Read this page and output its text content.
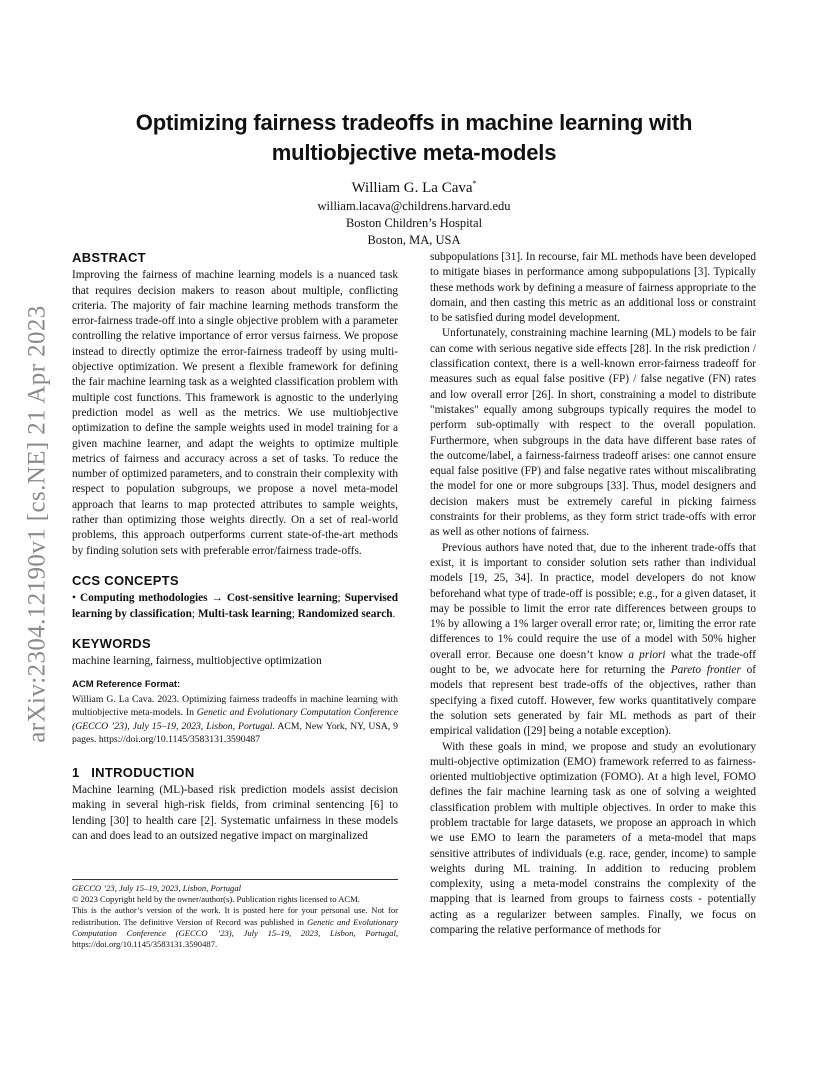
Optimizing fairness tradeoffs in machine learning with
multiobjective meta-models
William G. La Cava*
william.lacava@childrens.harvard.edu
Boston Children’s Hospital
Boston, MA, USA
arXiv:2304.12190v1 [cs.NE] 21 Apr 2023
ABSTRACT

Improving the fairness of machine learning models is a nuanced task that requires decision makers to reason about multiple, conflicting criteria. The majority of fair machine learning methods transform the error-fairness trade-off into a single objective problem with a parameter controlling the relative importance of error versus fairness. We propose instead to directly optimize the error-fairness tradeoff by using multi-objective optimization. We present a flexible framework for defining the fair machine learning task as a weighted classification problem with multiple cost functions. This framework is agnostic to the underlying prediction model as well as the metrics. We use multiobjective optimization to define the sample weights used in model training for a given machine learner, and adapt the weights to optimize multiple metrics of fairness and accuracy across a set of tasks. To reduce the number of optimized parameters, and to constrain their complexity with respect to population subgroups, we propose a novel meta-model approach that learns to map protected attributes to sample weights, rather than optimizing those weights directly. On a set of real-world problems, this approach outperforms current state-of-the-art methods by finding solution sets with preferable error/fairness trade-offs.

CCS CONCEPTS

• Computing methodologies → Cost-sensitive learning; Supervised learning by classification; Multi-task learning; Randomized search.

KEYWORDS

machine learning, fairness, multiobjective optimization

ACM Reference Format:

William G. La Cava. 2023. Optimizing fairness tradeoffs in machine learning with multiobjective meta-models. In Genetic and Evolutionary Computation Conference (GECCO ’23), July 15–19, 2023, Lisbon, Portugal. ACM, New York, NY, USA, 9 pages. https://doi.org/10.1145/3583131.3590487

1   INTRODUCTION

Machine learning (ML)-based risk prediction models assist decision making in several high-risk fields, from criminal sentencing [6] to lending [30] to health care [2]. Systematic unfairness in these models can and does lead to an outsized negative impact on marginalized

GECCO ’23, July 15–19, 2023, Lisbon, Portugal
© 2023 Copyright held by the owner/author(s). Publication rights licensed to ACM.
This is the author’s version of the work. It is posted here for your personal use. Not for redistribution. The definitive Version of Record was published in Genetic and Evolutionary Computation Conference (GECCO ’23), July 15–19, 2023, Lisbon, Portugal, https://doi.org/10.1145/3583131.3590487.

subpopulations [31]. In recourse, fair ML methods have been developed to mitigate biases in performance among subpopulations [3]. Typically these methods work by defining a measure of fairness appropriate to the domain, and then casting this metric as an additional loss or constraint to be satisfied during model development.

Unfortunately, constraining machine learning (ML) models to be fair can come with serious negative side effects [28]. In the risk prediction / classification context, there is a well-known error-fairness tradeoff for measures such as equal false positive (FP) / false negative (FN) rates and low overall error [26]. In short, constraining a model to distribute "mistakes" equally among subgroups typically requires the model to perform sub-optimally with respect to the overall population. Furthermore, when subgroups in the data have different base rates of the outcome/label, a fairness-fairness tradeoff arises: one cannot ensure equal false positive (FP) and false negative rates without miscalibrating the model for one or more subgroups [33]. Thus, model designers and decision makers must be extremely careful in picking fairness constraints for their problems, as they form strict trade-offs with error as well as other notions of fairness.

Previous authors have noted that, due to the inherent trade-offs that exist, it is important to consider solution sets rather than individual models [19, 25, 34]. In practice, model developers do not know beforehand what type of trade-off is possible; e.g., for a given dataset, it may be possible to limit the error rate differences between groups to 1% by allowing a 1% larger overall error rate; or, limiting the error rate differences to 1% could require the use of a model with 50% higher overall error. Because one doesn’t know a priori what the trade-off ought to be, we advocate here for returning the Pareto frontier of models that represent best trade-offs of the objectives, rather than specifying a fixed cutoff. However, few works quantitatively compare the solution sets generated by fair ML methods as part of their empirical validation ([29] being a notable exception).

With these goals in mind, we propose and study an evolutionary multi-objective optimization (EMO) framework referred to as fairness-oriented multiobjective optimization (FOMO). At a high level, FOMO defines the fair machine learning task as one of solving a weighted classification problem with multiple objectives. In order to make this problem tractable for large datasets, we propose an approach in which we use EMO to learn the parameters of a meta-model that maps sensitive attributes of individuals (e.g. race, gender, income) to sample weights during ML training. In addition to reducing problem complexity, using a meta-model constrains the complexity of the mapping that is learned from groups to fairness costs - potentially acting as a regularizer between samples. Finally, we focus on comparing the relative performance of methods for
